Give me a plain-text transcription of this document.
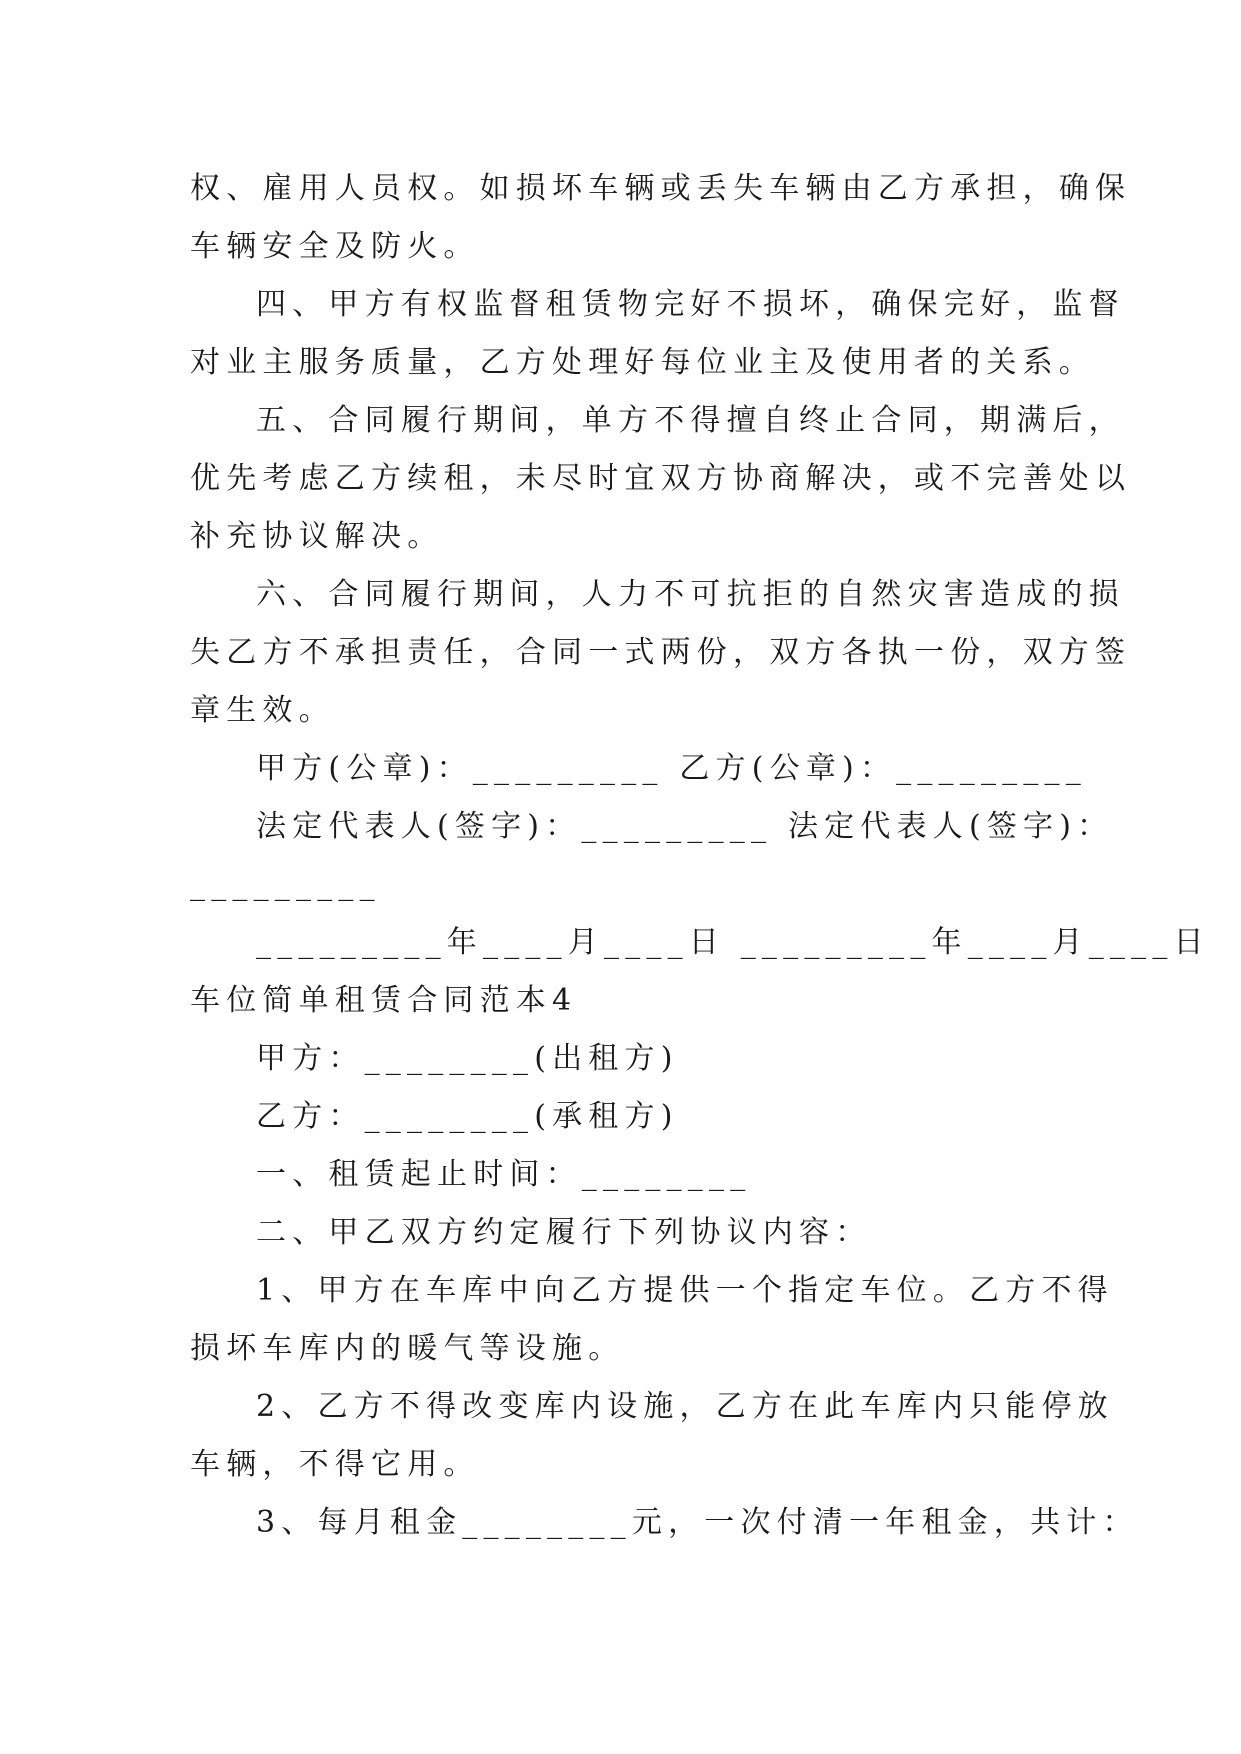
权、雇用人员权。如损坏车辆或丢失车辆由乙方承担，确保
车辆安全及防火。
四、甲方有权监督租赁物完好不损坏，确保完好，监督
对业主服务质量，乙方处理好每位业主及使用者的关系。
五、合同履行期间，单方不得擅自终止合同，期满后，
优先考虑乙方续租，未尽时宜双方协商解决，或不完善处以
补充协议解决。
六、合同履行期间，人力不可抗拒的自然灾害造成的损
失乙方不承担责任，合同一式两份，双方各执一份，双方签
章生效。
甲方(公章)：_________ 乙方(公章)：_________
法定代表人(签字)：_________ 法定代表人(签字)：
_________
_________年____月____日 _________年____月____日
车位简单租赁合同范本4
甲方：________(出租方)
乙方：________(承租方)
一、租赁起止时间：________
二、甲乙双方约定履行下列协议内容：
1、甲方在车库中向乙方提供一个指定车位。乙方不得
损坏车库内的暖气等设施。
2、乙方不得改变库内设施，乙方在此车库内只能停放
车辆，不得它用。
3、每月租金________元，一次付清一年租金，共计：
